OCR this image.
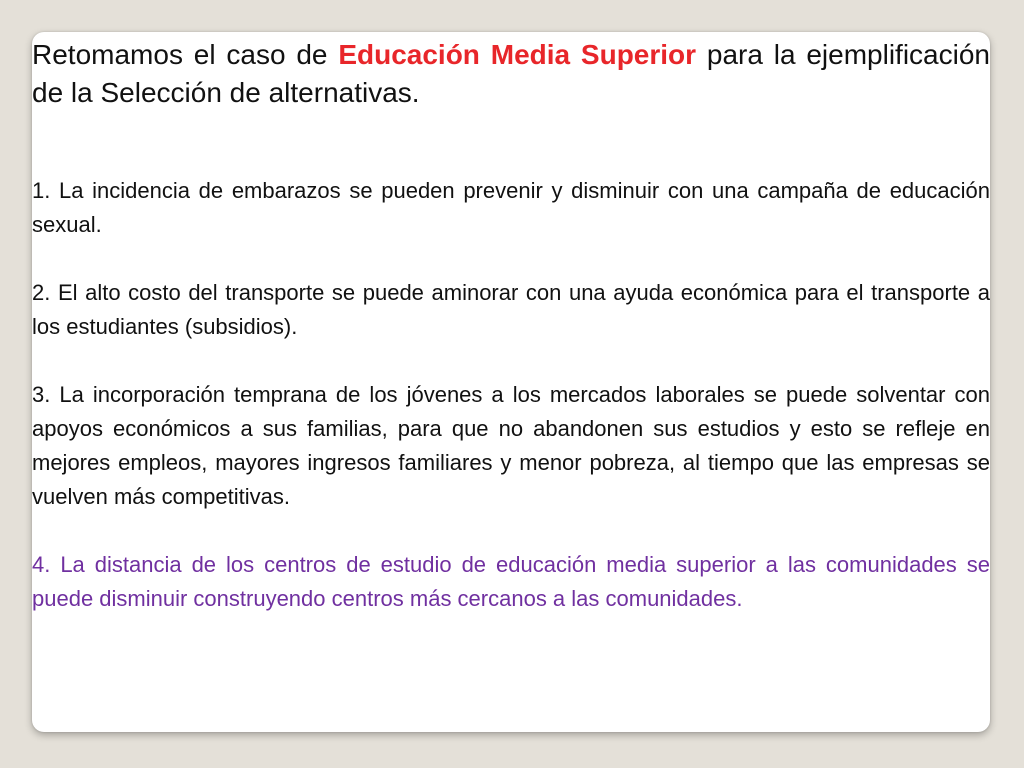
Retomamos el caso de Educación Media Superior para la ejemplificación de la Selección de alternativas.

1. La incidencia de embarazos se pueden prevenir y disminuir con una campaña de educación sexual.

2. El alto costo del transporte se puede aminorar con una ayuda económica para el transporte a los estudiantes (subsidios).

3. La incorporación temprana de los jóvenes a los mercados laborales se puede solventar con apoyos económicos a sus familias, para que no abandonen sus estudios y esto se refleje en mejores empleos, mayores ingresos familiares y menor pobreza, al tiempo que las empresas se vuelven más competitivas.

4. La distancia de los centros de estudio de educación media superior a las comunidades se puede disminuir construyendo centros más cercanos a las comunidades.
